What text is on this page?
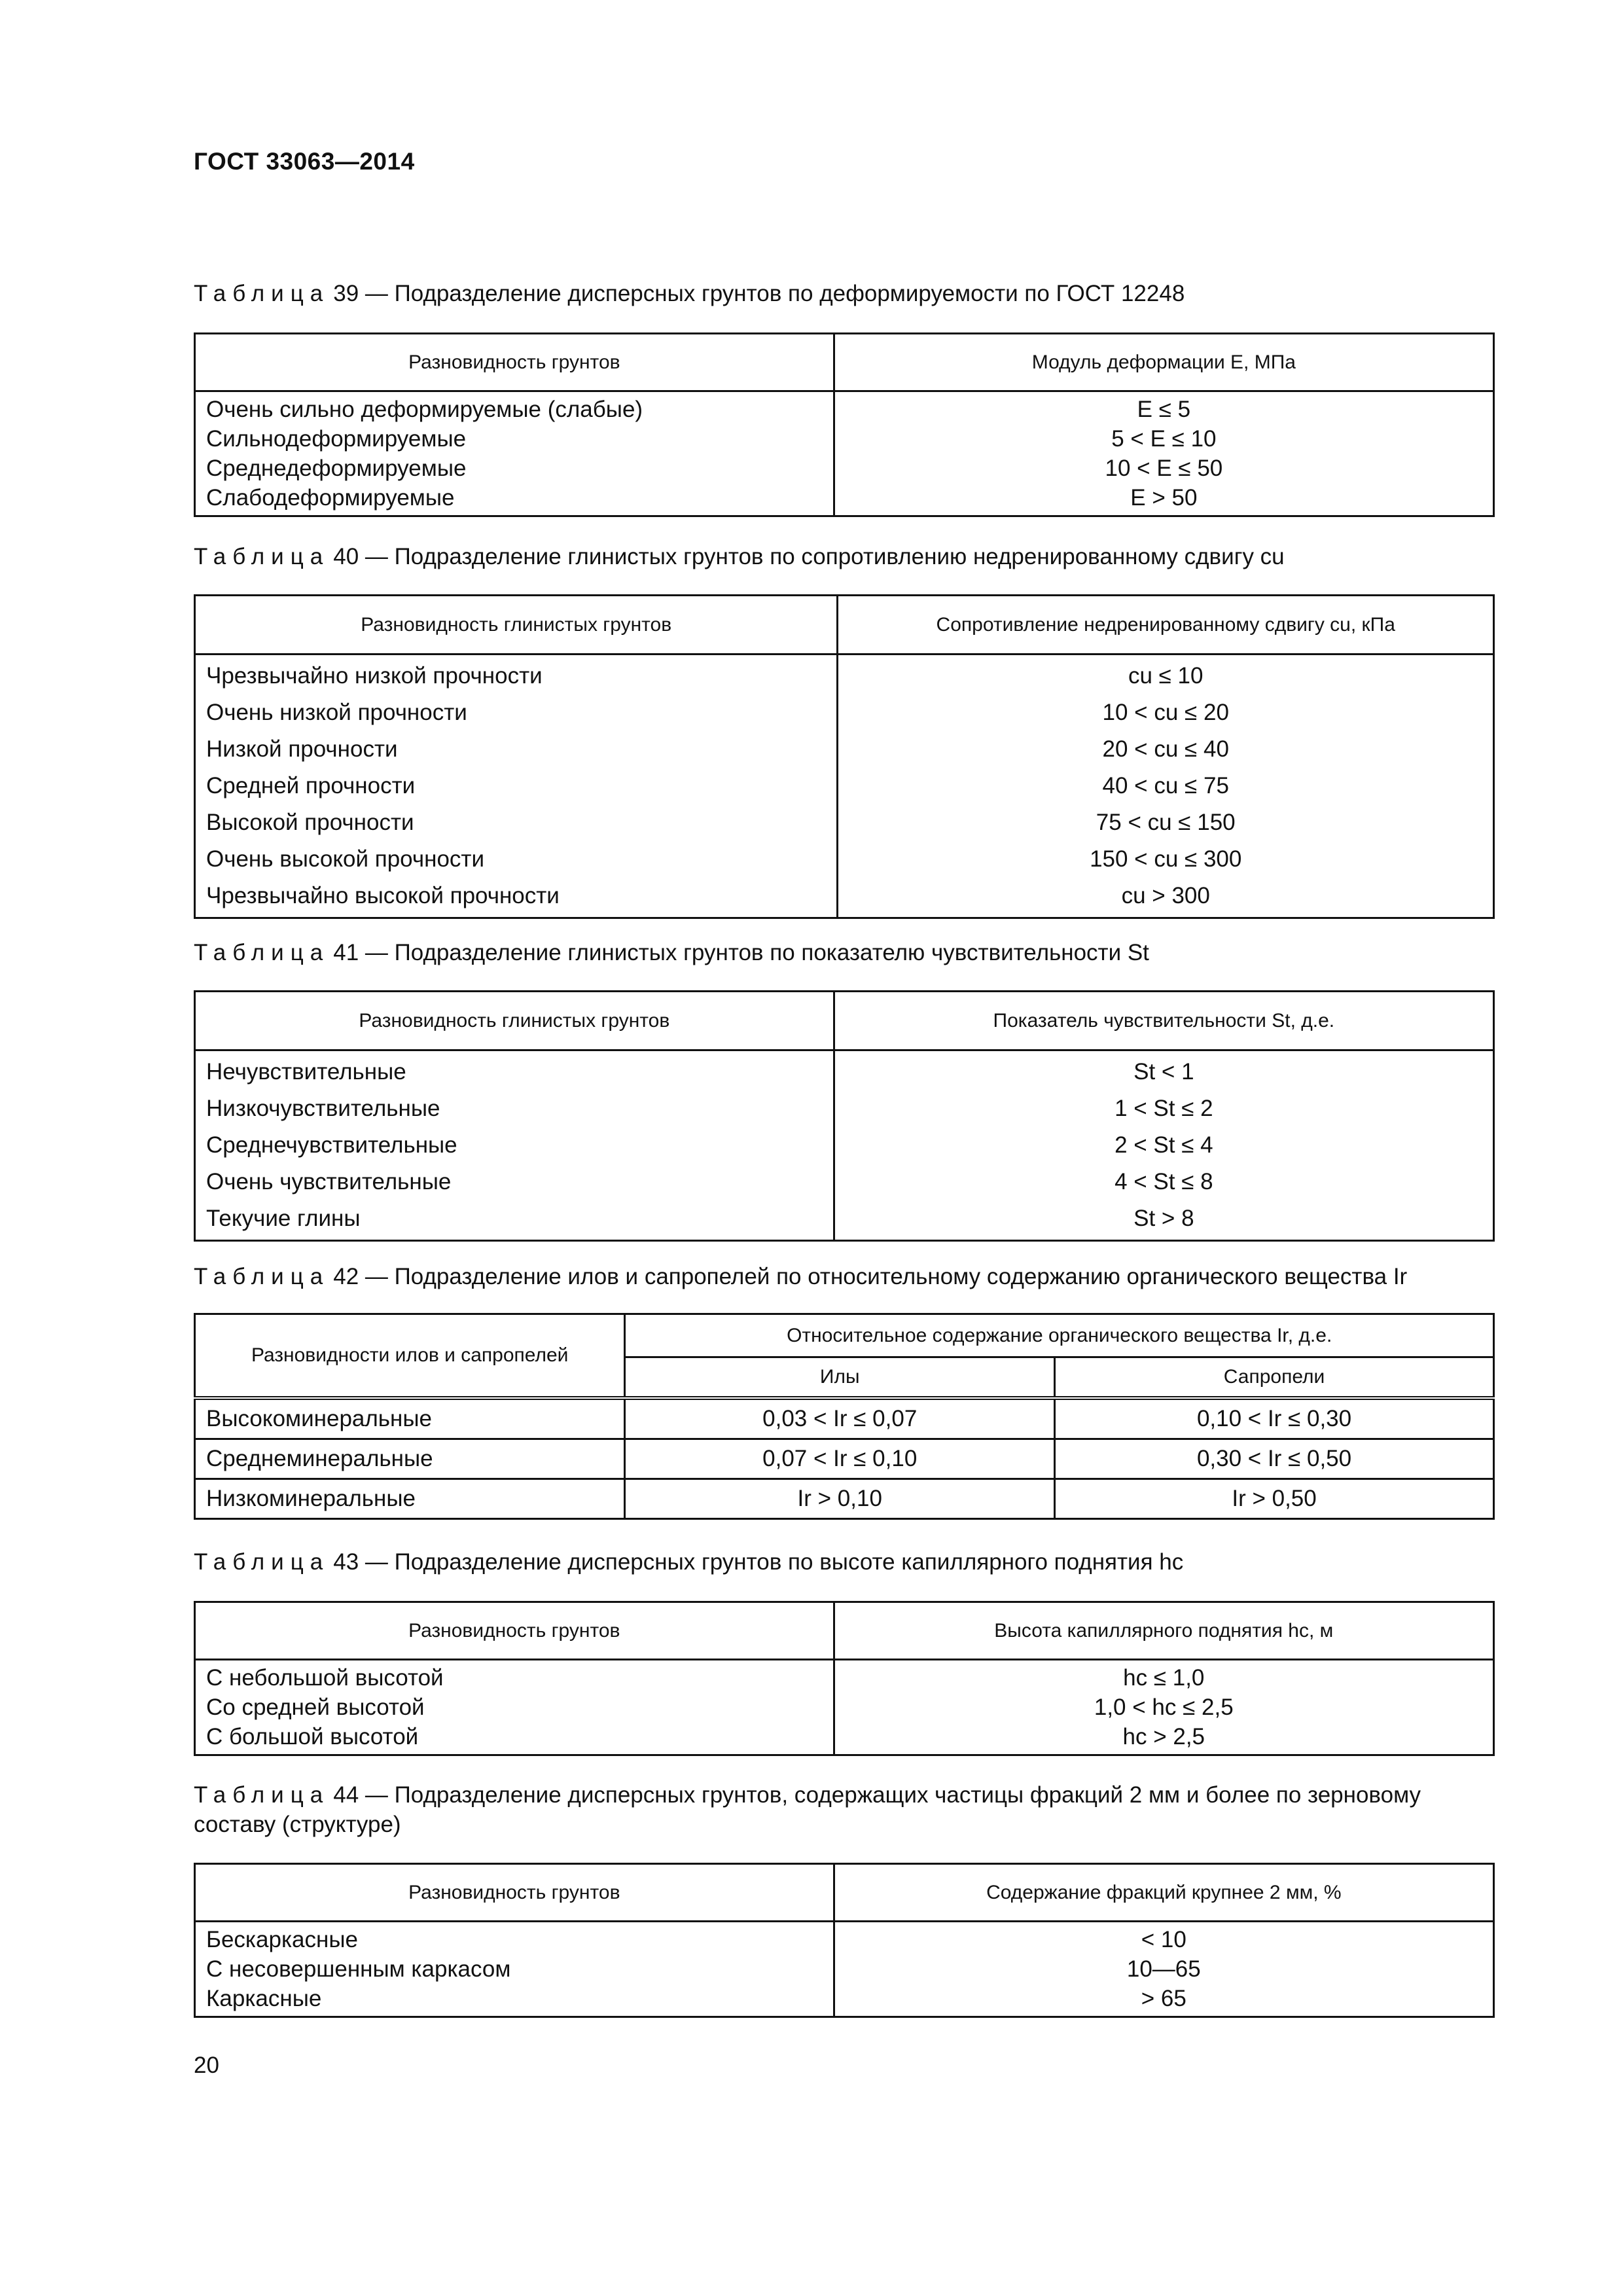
ГОСТ 33063—2014
Таблица 39 — Подразделение дисперсных грунтов по деформируемости по ГОСТ 12248
Разновидность грунтов	Модуль деформации E, МПа
Очень сильно деформируемые (слабые)	E ≤ 5
Сильнодеформируемые	5 < E ≤ 10
Среднедеформируемые	10 < E ≤ 50
Слабодеформируемые	E > 50
Таблица 40 — Подразделение глинистых грунтов по сопротивлению недренированному сдвигу cu
Разновидность глинистых грунтов	Сопротивление недренированному сдвигу cu, кПа
Чрезвычайно низкой прочности	cu ≤ 10
Очень низкой прочности	10 < cu ≤ 20
Низкой прочности	20 < cu ≤ 40
Средней прочности	40 < cu ≤ 75
Высокой прочности	75 < cu ≤ 150
Очень высокой прочности	150 < cu ≤ 300
Чрезвычайно высокой прочности	cu > 300
Таблица 41 — Подразделение глинистых грунтов по показателю чувствительности St
Разновидность глинистых грунтов	Показатель чувствительности St, д.е.
Нечувствительные	St < 1
Низкочувствительные	1 < St ≤ 2
Среднечувствительные	2 < St ≤ 4
Очень чувствительные	4 < St ≤ 8
Текучие глины	St > 8
Таблица 42 — Подразделение илов и сапропелей по относительному содержанию органического вещества Ir
Разновидности илов и сапропелей	Относительное содержание органического вещества Ir, д.е.	
	Илы	Сапропели
Высокоминеральные	0,03 < Ir ≤ 0,07	0,10 < Ir ≤ 0,30
Среднеминеральные	0,07 < Ir ≤ 0,10	0,30 < Ir ≤ 0,50
Низкоминеральные	Ir > 0,10	Ir > 0,50
Таблица 43 — Подразделение дисперсных грунтов по высоте капиллярного поднятия hc
Разновидность грунтов	Высота капиллярного поднятия hc, м
С небольшой высотой	hc ≤ 1,0
Со средней высотой	1,0 < hc ≤ 2,5
С большой высотой	hc > 2,5
Таблица 44 — Подразделение дисперсных грунтов, содержащих частицы фракций 2 мм и более по зерновому составу (структуре)
Разновидность грунтов	Содержание фракций крупнее 2 мм, %
Бескаркасные	< 10
С несовершенным каркасом	10—65
Каркасные	> 65
20
